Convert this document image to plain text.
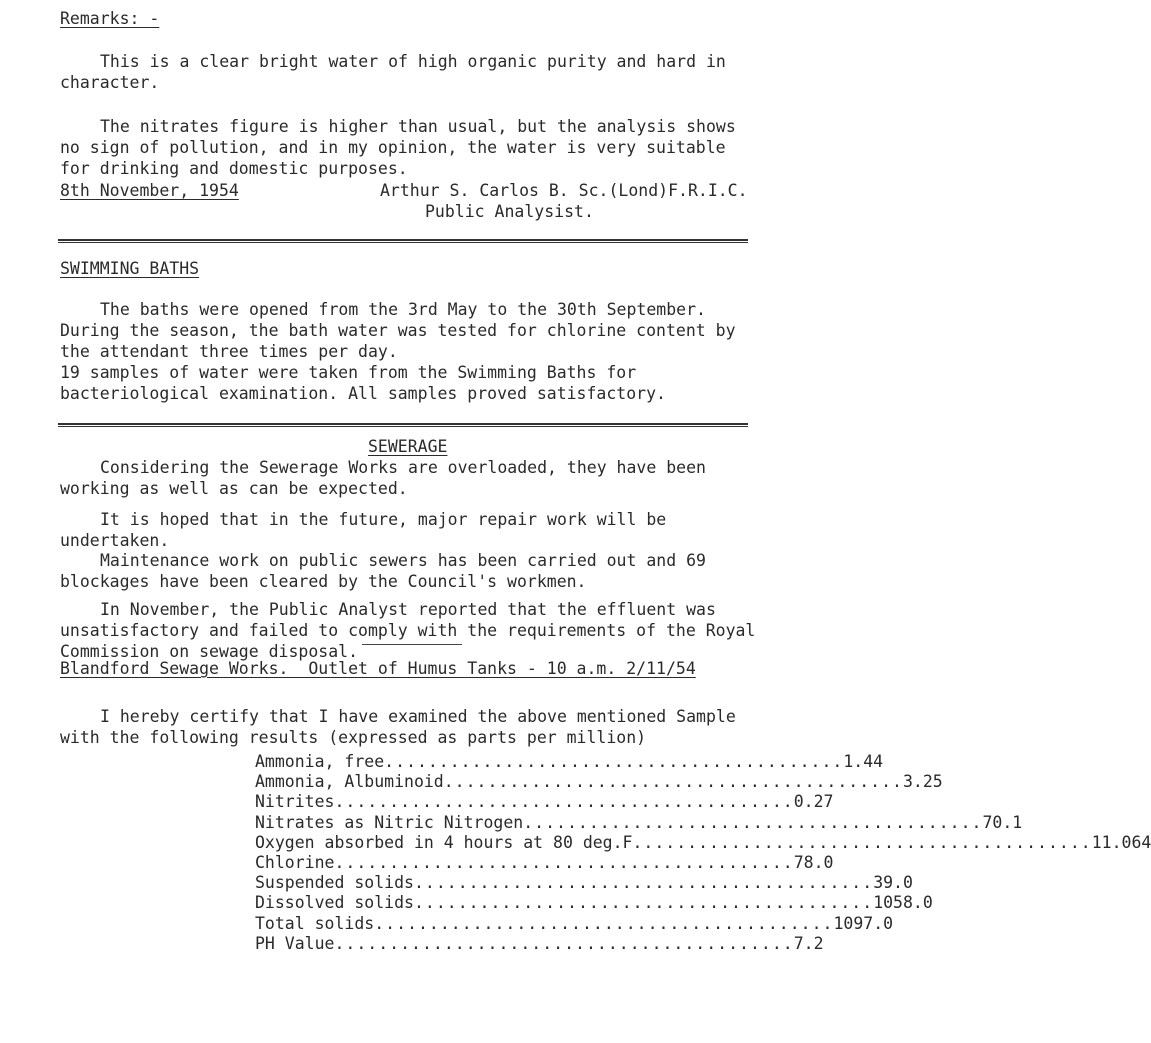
Remarks: -

This is a clear bright water of high organic purity and hard in character.

The nitrates figure is higher than usual, but the analysis shows no sign of pollution, and in my opinion, the water is very suitable for drinking and domestic purposes.

8th November, 1954	Arthur S. Carlos B. Sc.(Lond)F.R.I.C.
Public Analysist.
SWIMMING BATHS

The baths were opened from the 3rd May to the 30th September. During the season, the bath water was tested for chlorine content by the attendant three times per day.

19 samples of water were taken from the Swimming Baths for bacteriological examination. All samples proved satisfactory.

SEWERAGE

Considering the Sewerage Works are overloaded, they have been working as well as can be expected.

It is hoped that in the future, major repair work will be undertaken.

Maintenance work on public sewers has been carried out and 69 blockages have been cleared by the Council's workmen.

In November, the Public Analyst reported that the effluent was unsatisfactory and failed to comply with the requirements of the Royal Commission on sewage disposal.

Blandford Sewage Works.  Outlet of Humus Tanks - 10 a.m. 2/11/54

I hereby certify that I have examined the above mentioned Sample with the following results (expressed as parts per million)

Ammonia, free .......................................... 1.44
Ammonia, Albuminoid .......................................... 3.25
Nitrites .......................................... 0.27
Nitrates as Nitric Nitrogen .......................................... 70.1
Oxygen absorbed in 4 hours at 80 deg.F .......................................... 11.064
Chlorine .......................................... 78.0
Suspended solids .......................................... 39.0
Dissolved solids .......................................... 1058.0
Total solids .......................................... 1097.0
PH Value .......................................... 7.2
